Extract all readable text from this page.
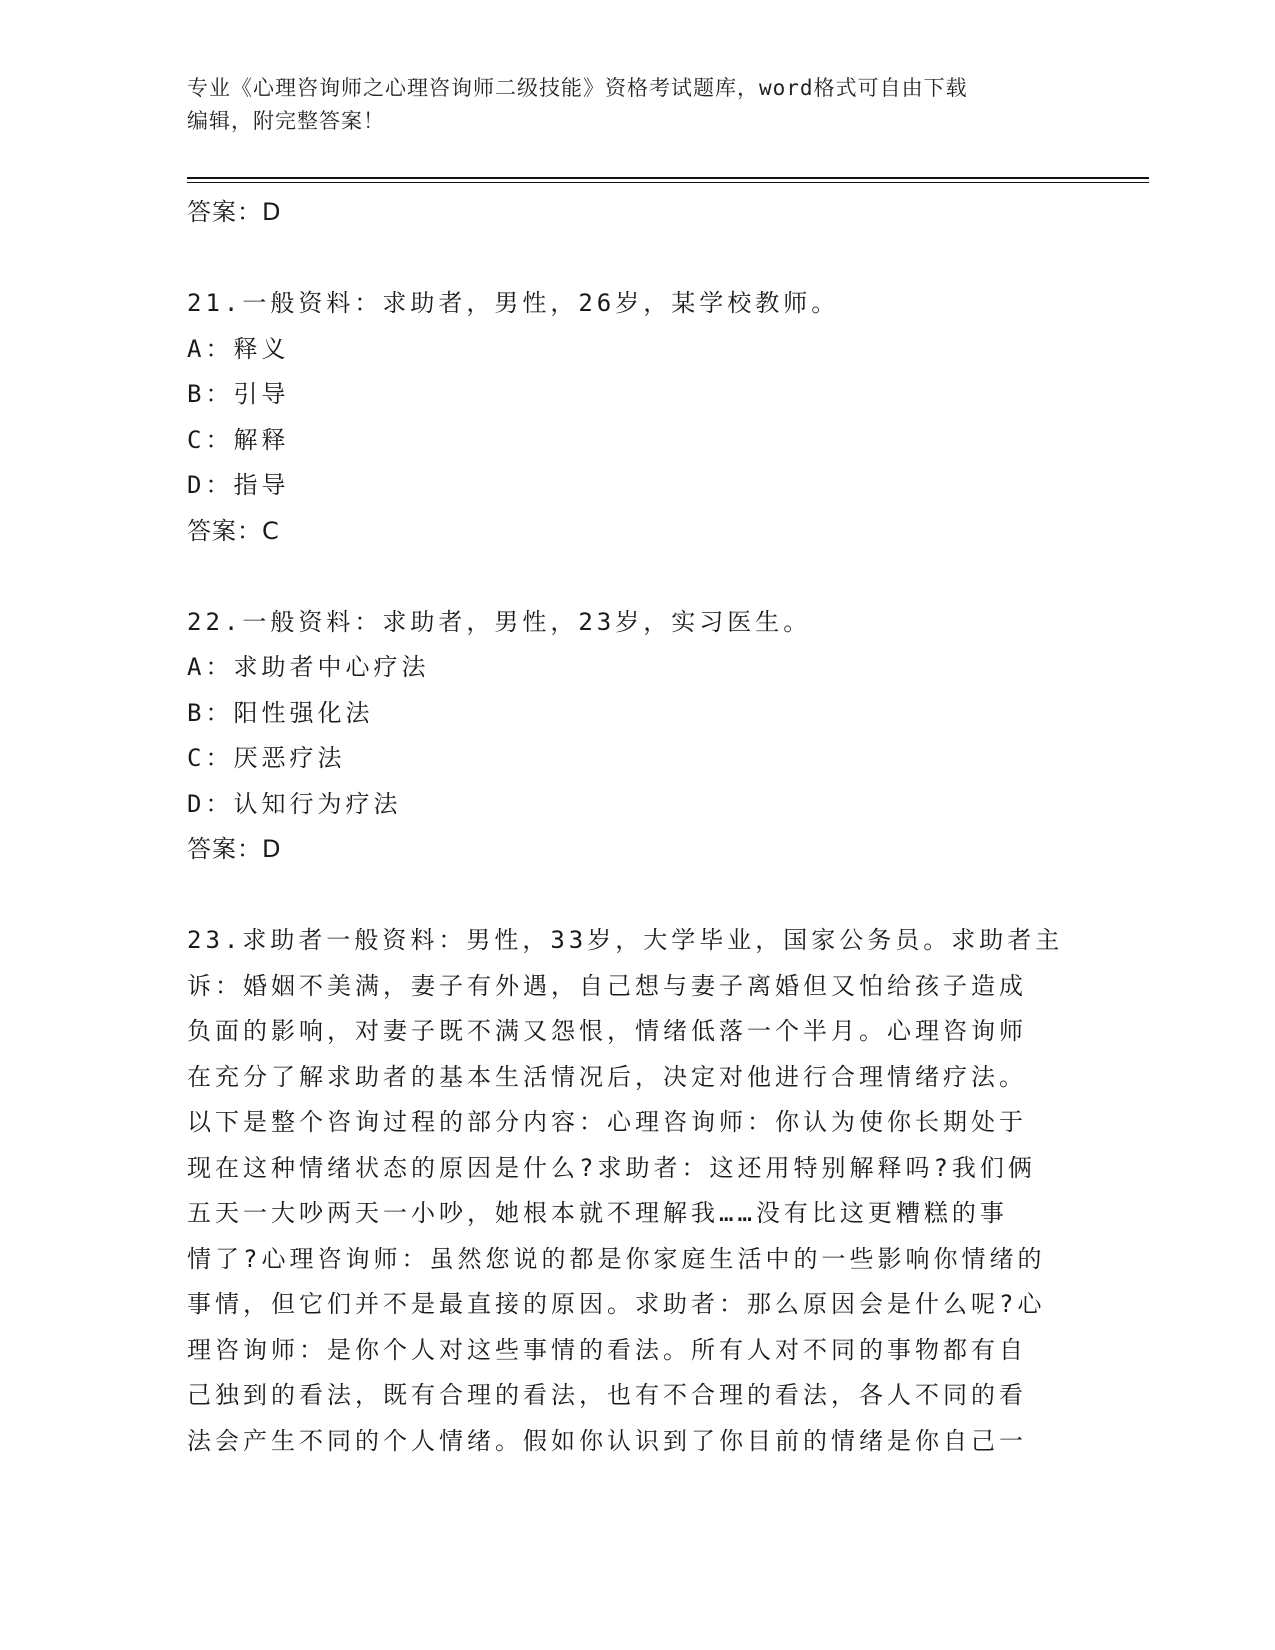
专业《心理咨询师之心理咨询师二级技能》资格考试题库，word格式可自由下载
编辑，附完整答案！
答案：D
21.一般资料：求助者，男性，26岁，某学校教师。
A：释义
B：引导
C：解释
D：指导
答案：C
22.一般资料：求助者，男性，23岁，实习医生。
A：求助者中心疗法
B：阳性强化法
C：厌恶疗法
D：认知行为疗法
答案：D
23.求助者一般资料：男性，33岁，大学毕业，国家公务员。求助者主
诉：婚姻不美满，妻子有外遇，自己想与妻子离婚但又怕给孩子造成
负面的影响，对妻子既不满又怨恨，情绪低落一个半月。心理咨询师
在充分了解求助者的基本生活情况后，决定对他进行合理情绪疗法。
以下是整个咨询过程的部分内容：心理咨询师：你认为使你长期处于
现在这种情绪状态的原因是什么?求助者：这还用特别解释吗?我们俩
五天一大吵两天一小吵，她根本就不理解我……没有比这更糟糕的事
情了?心理咨询师：虽然您说的都是你家庭生活中的一些影响你情绪的
事情，但它们并不是最直接的原因。求助者：那么原因会是什么呢?心
理咨询师：是你个人对这些事情的看法。所有人对不同的事物都有自
己独到的看法，既有合理的看法，也有不合理的看法，各人不同的看
法会产生不同的个人情绪。假如你认识到了你目前的情绪是你自己一
